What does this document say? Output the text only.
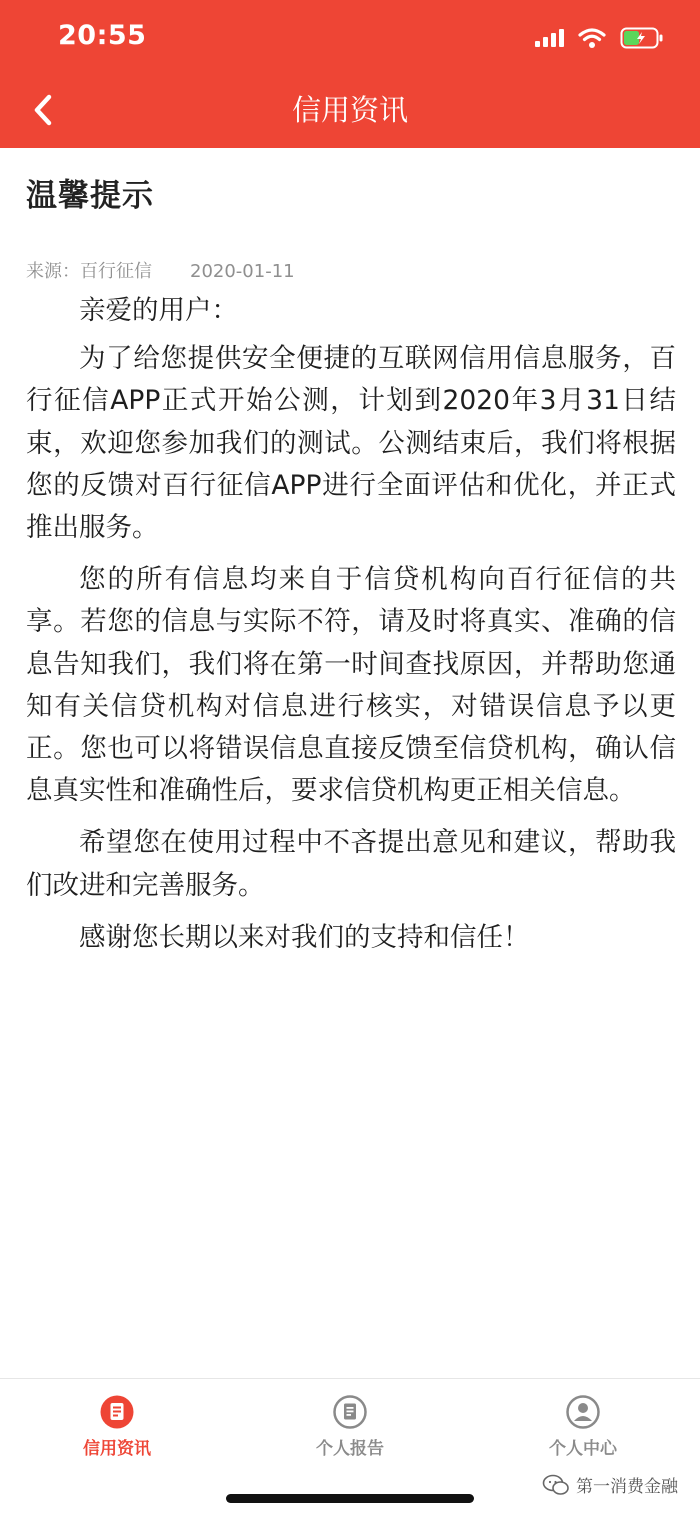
20:55
信用资讯
温馨提示
来源：百行征信 2020-01-11

亲爱的用户：

为了给您提供安全便捷的互联网信用信息服务，百行征信APP正式开始公测，计划到2020年3月31日结束，欢迎您参加我们的测试。公测结束后，我们将根据您的反馈对百行征信APP进行全面评估和优化，并正式推出服务。

您的所有信息均来自于信贷机构向百行征信的共享。若您的信息与实际不符，请及时将真实、准确的信息告知我们，我们将在第一时间查找原因，并帮助您通知有关信贷机构对信息进行核实，对错误信息予以更正。您也可以将错误信息直接反馈至信贷机构，确认信息真实性和准确性后，要求信贷机构更正相关信息。

希望您在使用过程中不吝提出意见和建议，帮助我们改进和完善服务。

感谢您长期以来对我们的支持和信任！

信用资讯	个人报告	个人中心
第一消费金融
